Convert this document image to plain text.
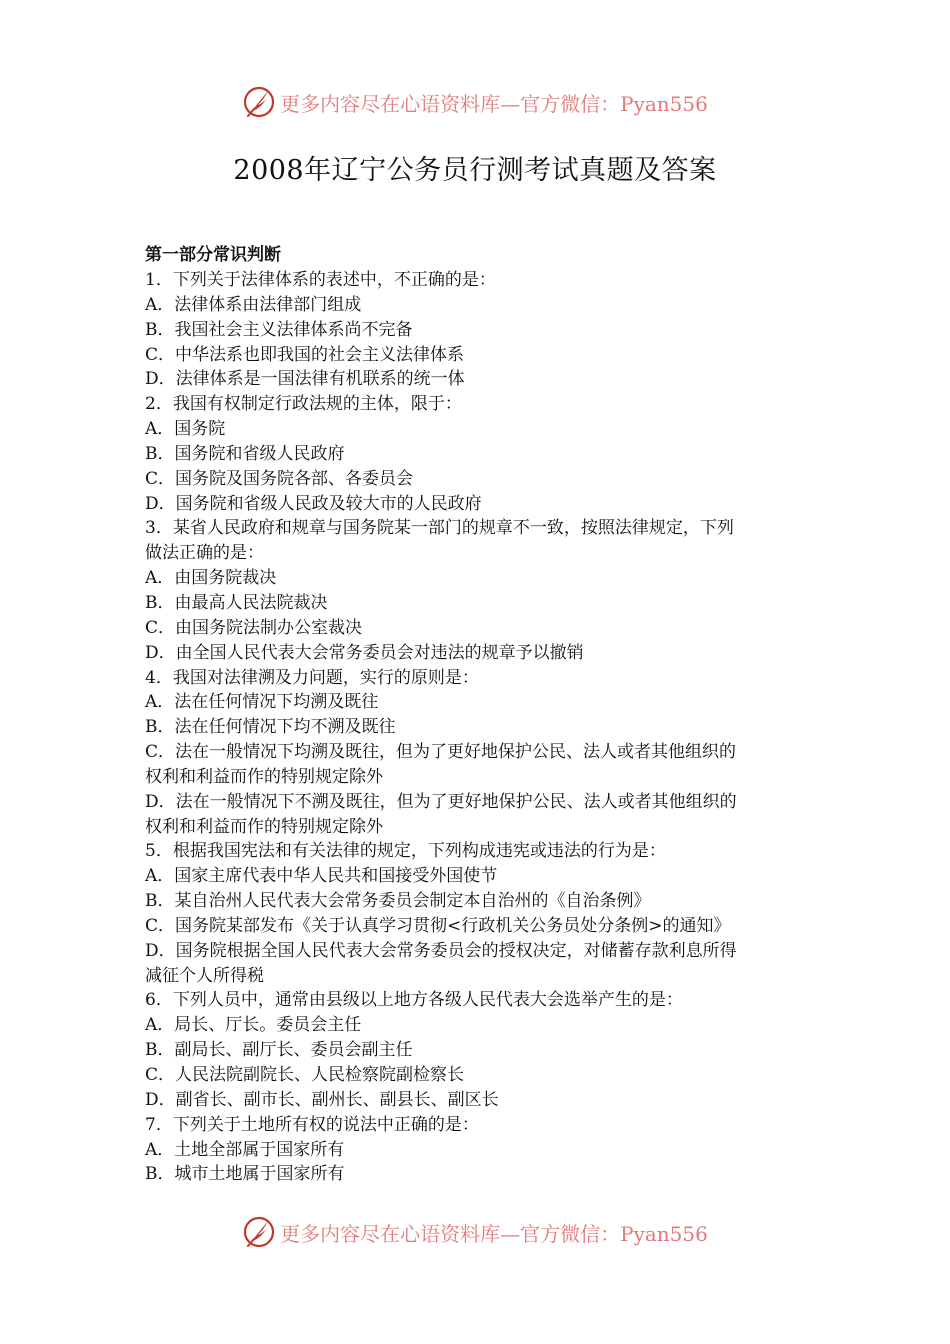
更多内容尽在心语资料库—官方微信：Pyan556
2008年辽宁公务员行测考试真题及答案
第一部分常识判断
1．下列关于法律体系的表述中，不正确的是：
A．法律体系由法律部门组成
B．我国社会主义法律体系尚不完备
C．中华法系也即我国的社会主义法律体系
D．法律体系是一国法律有机联系的统一体
2．我国有权制定行政法规的主体，限于：
A．国务院
B．国务院和省级人民政府
C．国务院及国务院各部、各委员会
D．国务院和省级人民政及较大市的人民政府
3．某省人民政府和规章与国务院某一部门的规章不一致，按照法律规定，下列
做法正确的是：
A．由国务院裁决
B．由最高人民法院裁决
C．由国务院法制办公室裁决
D．由全国人民代表大会常务委员会对违法的规章予以撤销
4．我国对法律溯及力问题，实行的原则是：
A．法在任何情况下均溯及既往
B．法在任何情况下均不溯及既往
C．法在一般情况下均溯及既往，但为了更好地保护公民、法人或者其他组织的
权利和利益而作的特别规定除外
D．法在一般情况下不溯及既往，但为了更好地保护公民、法人或者其他组织的
权利和利益而作的特别规定除外
5．根据我国宪法和有关法律的规定，下列构成违宪或违法的行为是：
A．国家主席代表中华人民共和国接受外国使节
B．某自治州人民代表大会常务委员会制定本自治州的《自治条例》
C．国务院某部发布《关于认真学习贯彻<行政机关公务员处分条例>的通知》
D．国务院根据全国人民代表大会常务委员会的授权决定，对储蓄存款利息所得
减征个人所得税
6．下列人员中，通常由县级以上地方各级人民代表大会选举产生的是：
A．局长、厅长。委员会主任
B．副局长、副厅长、委员会副主任
C．人民法院副院长、人民检察院副检察长
D．副省长、副市长、副州长、副县长、副区长
7．下列关于土地所有权的说法中正确的是：
A．土地全部属于国家所有
B．城市土地属于国家所有
更多内容尽在心语资料库—官方微信：Pyan556
